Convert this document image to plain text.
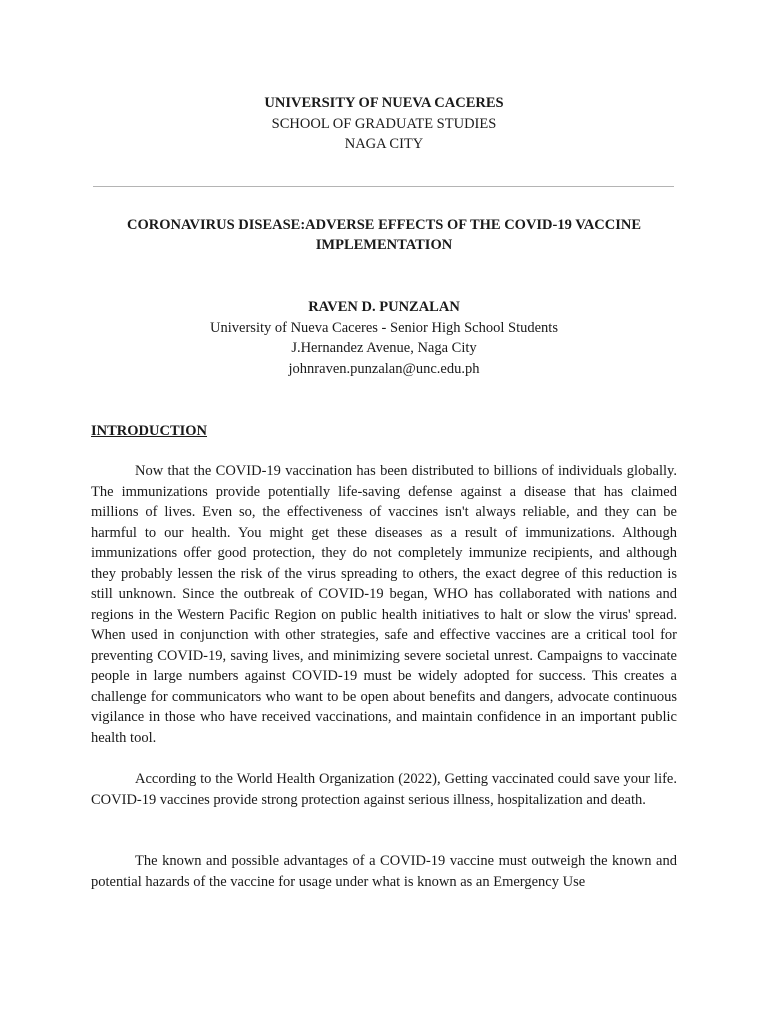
UNIVERSITY OF NUEVA CACERES

SCHOOL OF GRADUATE STUDIES

NAGA CITY

CORONAVIRUS DISEASE:ADVERSE EFFECTS OF THE COVID-19 VACCINE

IMPLEMENTATION

RAVEN D. PUNZALAN

University of Nueva Caceres - Senior High School Students

J.Hernandez Avenue, Naga City

johnraven.punzalan@unc.edu.ph

INTRODUCTION

Now that the COVID-19 vaccination has been distributed to billions of individuals globally. The immunizations provide potentially life-saving defense against a disease that has claimed millions of lives. Even so, the effectiveness of vaccines isn't always reliable, and they can be harmful to our health. You might get these diseases as a result of immunizations. Although immunizations offer good protection, they do not completely immunize recipients, and although they probably lessen the risk of the virus spreading to others, the exact degree of this reduction is still unknown. Since the outbreak of COVID-19 began, WHO has collaborated with nations and regions in the Western Pacific Region on public health initiatives to halt or slow the virus' spread. When used in conjunction with other strategies, safe and effective vaccines are a critical tool for preventing COVID-19, saving lives, and minimizing severe societal unrest. Campaigns to vaccinate people in large numbers against COVID-19 must be widely adopted for success. This creates a challenge for communicators who want to be open about benefits and dangers, advocate continuous vigilance in those who have received vaccinations, and maintain confidence in an important public health tool.

According to the World Health Organization (2022), Getting vaccinated could save your life. COVID-19 vaccines provide strong protection against serious illness, hospitalization and death.

The known and possible advantages of a COVID-19 vaccine must outweigh the known and potential hazards of the vaccine for usage under what is known as an Emergency Use
